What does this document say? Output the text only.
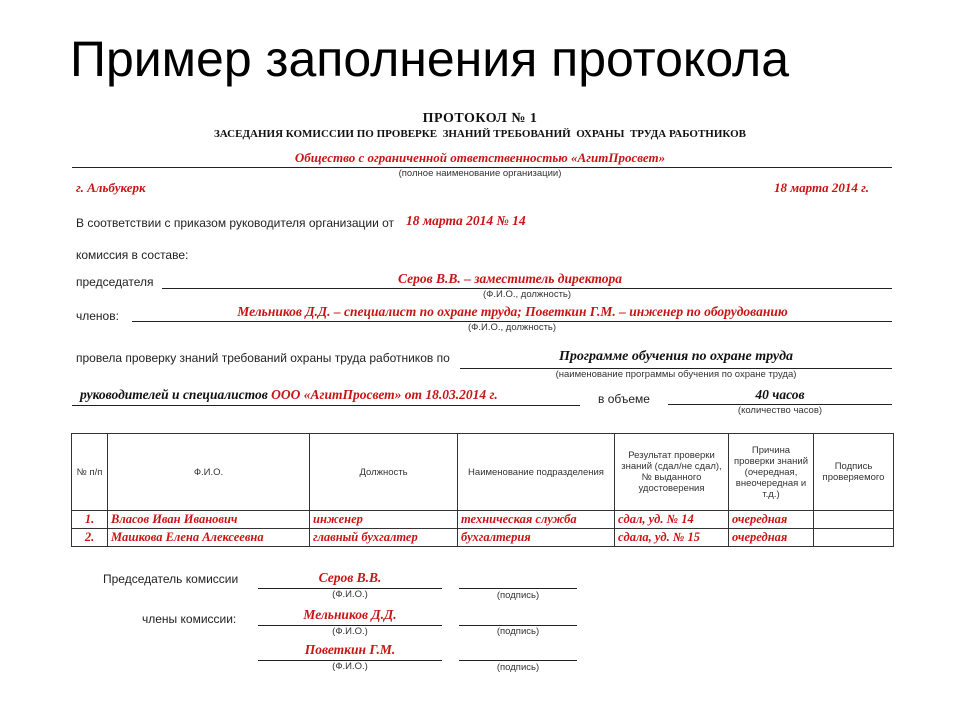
Пример заполнения протокола
ПРОТОКОЛ № 1
ЗАСЕДАНИЯ КОМИССИИ ПО ПРОВЕРКЕ  ЗНАНИЙ ТРЕБОВАНИЙ  ОХРАНЫ  ТРУДА РАБОТНИКОВ
Общество с ограниченной ответственностью «АгитПросвет»
(полное наименование организации)
г. Альбукерк	18 марта 2014 г.
В соответствии с приказом руководителя организации от 18 марта 2014 № 14
комиссия в составе:
председателя	Серов В.В. – заместитель директора
(Ф.И.О., должность)
членов:	Мельников Д.Д. – специалист по охране труда; Поветкин Г.М. – инженер по оборудованию
(Ф.И.О., должность)
провела проверку знаний требований охраны труда работников по	Программе обучения по охране труда
(наименование программы обучения по охране труда)
руководителей и специалистов ООО «АгитПросвет» от 18.03.2014 г.	в объеме	40 часов
(количество часов)
№ п/п	Ф.И.О.	Должность	Наименование подразделения	Результат проверки знаний (сдал/не сдал), № выданного удостоверения	Причина проверки знаний (очередная, внеочередная и т.д.)	Подпись проверяемого
1.	Власов Иван Иванович	инженер	техническая служба	сдал, уд. № 14	очередная	
2.	Машкова Елена Алексеевна	главный бухгалтер	бухгалтерия	сдала, уд. № 15	очередная	
Председатель комиссии	Серов В.В.
(Ф.И.О.)	(подпись)
члены комиссии:	Мельников Д.Д.
(Ф.И.О.)	(подпись)
Поветкин Г.М.
(Ф.И.О.)	(подпись)
